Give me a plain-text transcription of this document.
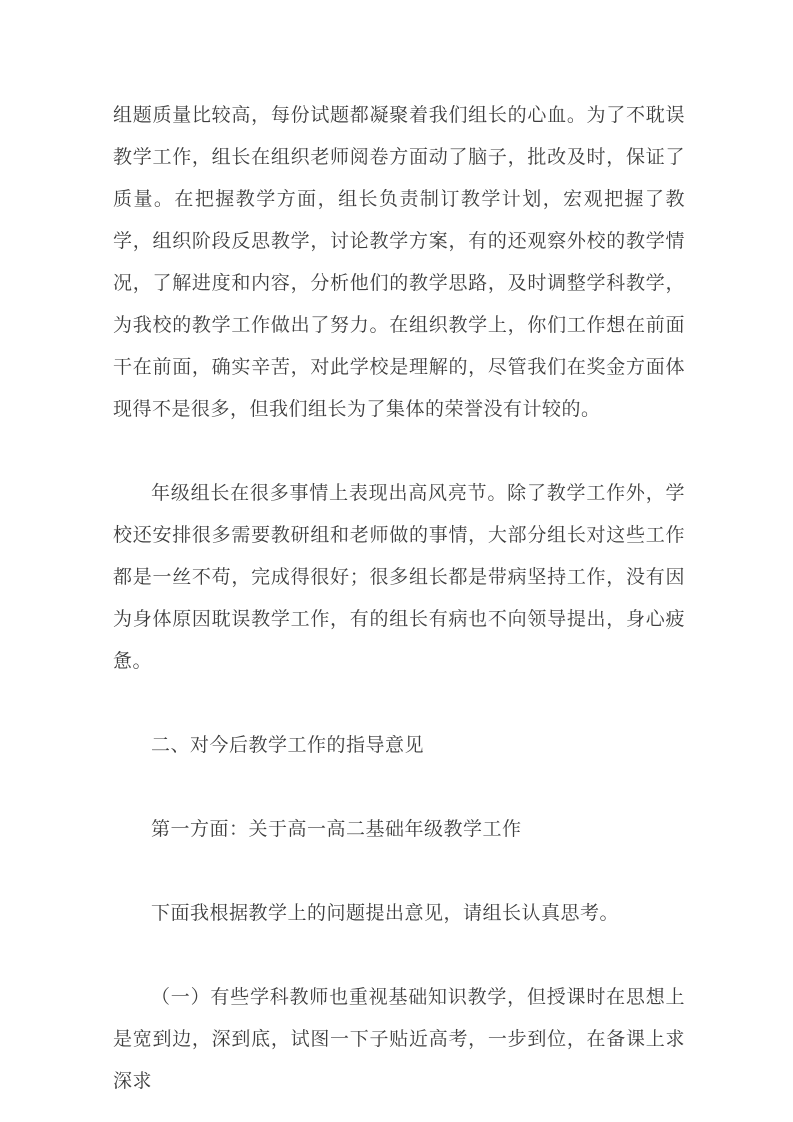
组题质量比较高，每份试题都凝聚着我们组长的心血。为了不耽误教学工作，组长在组织老师阅卷方面动了脑子，批改及时，保证了质量。在把握教学方面，组长负责制订教学计划，宏观把握了教学，组织阶段反思教学，讨论教学方案，有的还观察外校的教学情况，了解进度和内容，分析他们的教学思路，及时调整学科教学，为我校的教学工作做出了努力。在组织教学上，你们工作想在前面干在前面，确实辛苦，对此学校是理解的，尽管我们在奖金方面体现得不是很多，但我们组长为了集体的荣誉没有计较的。

年级组长在很多事情上表现出高风亮节。除了教学工作外，学校还安排很多需要教研组和老师做的事情，大部分组长对这些工作都是一丝不苟，完成得很好；很多组长都是带病坚持工作，没有因为身体原因耽误教学工作，有的组长有病也不向领导提出，身心疲惫。

二、对今后教学工作的指导意见

第一方面：关于高一高二基础年级教学工作

下面我根据教学上的问题提出意见，请组长认真思考。

（一）有些学科教师也重视基础知识教学，但授课时在思想上是宽到边，深到底，试图一下子贴近高考，一步到位，在备课上求深求
